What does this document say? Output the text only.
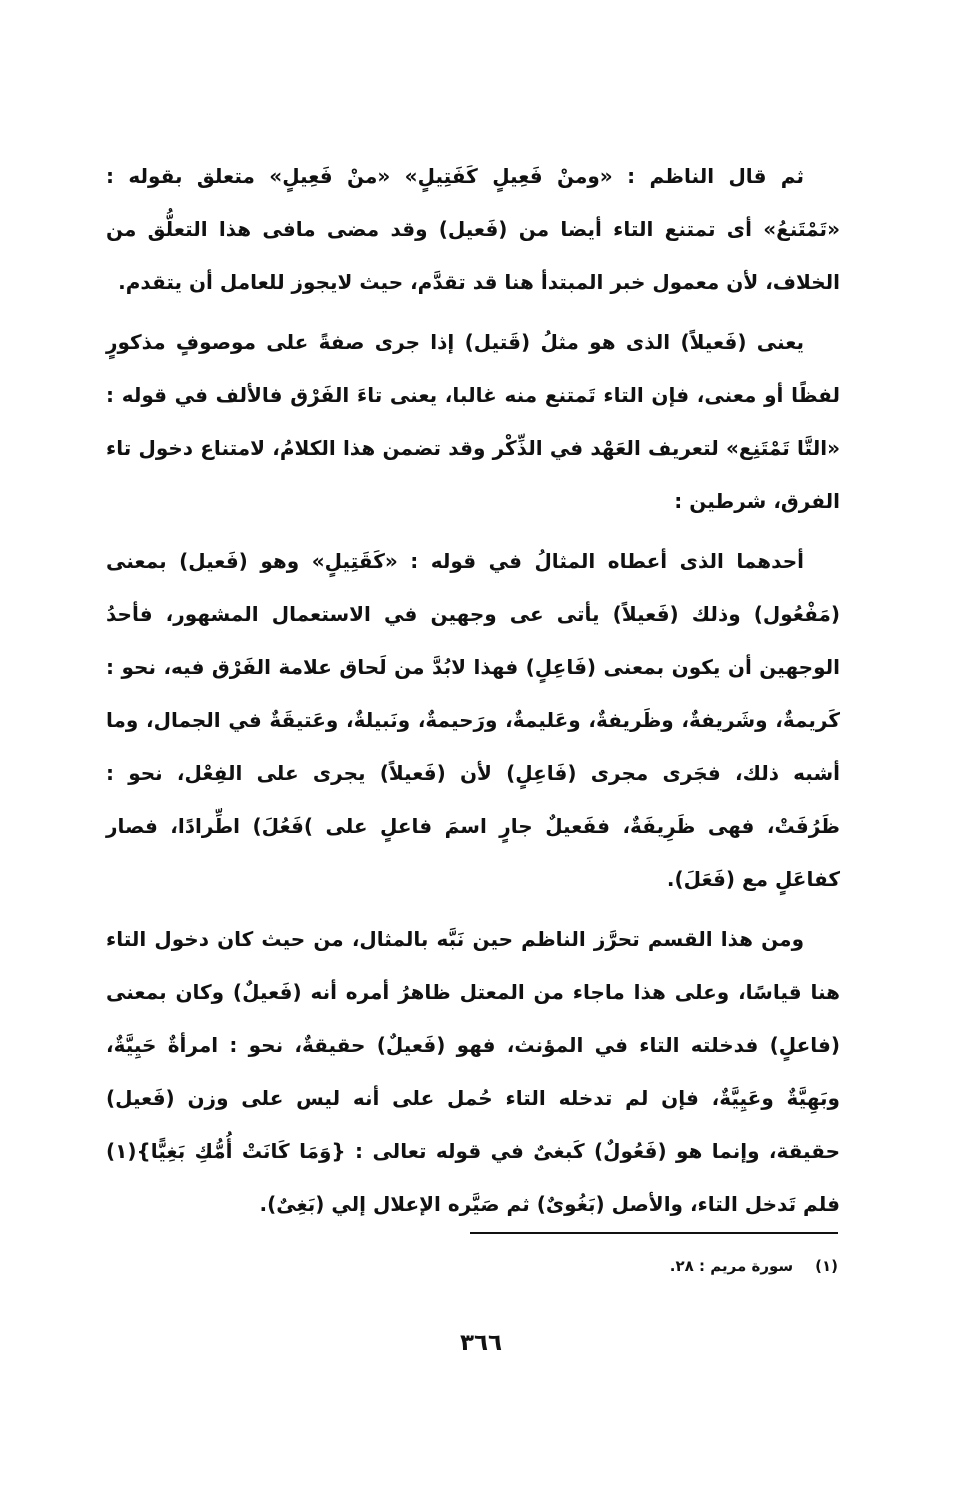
ثم قال الناظم : «ومنْ فَعِيلٍ كَفَتِيلٍ» «منْ فَعِيلٍ» متعلق بقوله : «تَمْتَنعُ» أى تمتنع التاء أيضا من (فَعيل) وقد مضى مافى هذا التعلُّق من الخلاف، لأن معمول خبر المبتدأ هنا قد تقدَّم، حيث لايجوز للعامل أن يتقدم.

يعنى (فَعيلاً) الذى هو مثلُ (قَتيل) إذا جرى صفةً على موصوفٍ مذكورٍ لفظًا أو معنى، فإن التاء تَمتنع منه غالبا، يعنى تاءَ الفَرْق فالألف في قوله : «التَّا تَمْتَنِع» لتعريف العَهْد في الذِّكْر وقد تضمن هذا الكلامُ، لامتناع دخول تاء الفرق، شرطين :

أحدهما الذى أعطاه المثالُ في قوله : «كَقَتِيلٍ» وهو (فَعيل) بمعنى (مَفْعُول) وذلك (فَعيلاً) يأتى عى وجهين في الاستعمال المشهور، فأحدُ الوجهين أن يكون بمعنى (فَاعِلٍ) فهذا لابُدَّ من لَحاق علامة الفَرْق فيه، نحو : كَريمةٌ، وشَريفةٌ، وظَريفةٌ، وعَليمةٌ، ورَحيمةٌ، ونَبيلةٌ، وعَتيقَةٌ في الجمال، وما أشبه ذلك، فجَرى مجرى (فَاعِلٍ) لأن (فَعيلاً) يجرى على الفِعْل، نحو : ظَرُفَتْ، فهى ظَرِيفَةٌ، ففَعيلٌ جارٍ اسمَ فاعلٍ على )فَعُلَ) اطِّرادًا، فصار كفاعَلٍ مع (فَعَلَ).

ومن هذا القسم تحرَّز الناظم حين نَبَّه بالمثال، من حيث كان دخول التاء هنا قياسًا، وعلى هذا ماجاء من المعتل ظاهرُ أمره أنه (فَعيلٌ) وكان بمعنى (فاعلٍ) فدخلته التاء في المؤنث، فهو (فَعيلٌ) حقيقةٌ، نحو : امرأةٌ حَيِيَّةٌ، وبَهِيَّةٌ وعَيِيَّةٌ، فإن لم تدخله التاء حُمل على أنه ليس على وزن (فَعيل) حقيقة، وإنما هو (فَعُولٌ) كَبغىٌ في قوله تعالى : {وَمَا كَانَتْ أُمُّكِ بَغِيًّا}(١) فلم تَدخل التاء، والأصل (بَغُوىٌ) ثم صَيَّره الإعلال إلي (بَغِىٌ).

(١)سورة مريم : ٢٨.
٣٦٦
